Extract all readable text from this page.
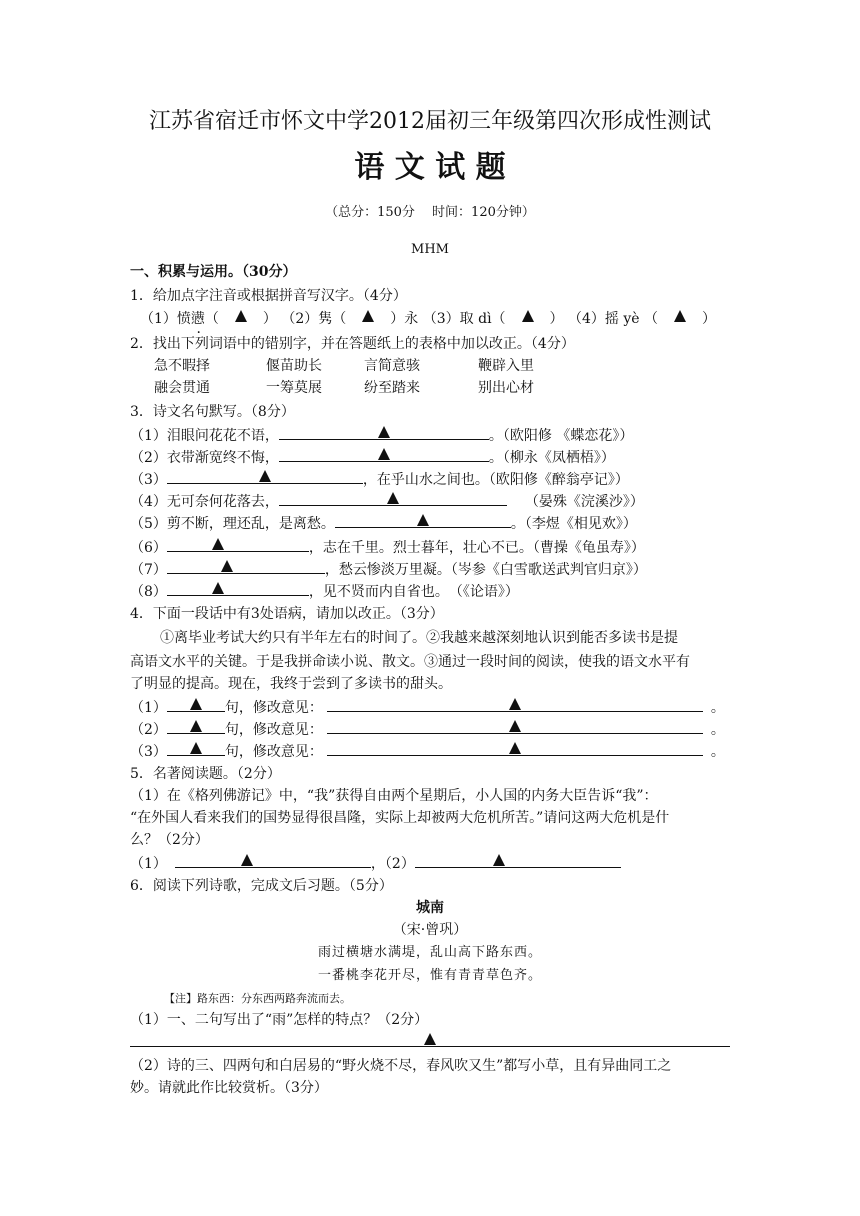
江苏省宿迁市怀文中学2012届初三年级第四次形成性测试
语 文 试 题
（总分：150分　 时间：120分钟）
MHM
一、积累与运用。（30分）
1．给加点字注音或根据拼音写汉字。（4分）
（1）愤懑（	） （2）隽（	）永 （3）取 dì（	） （4）摇 yè （	）
2．找出下列词语中的错别字，并在答题纸上的表格中加以改正。（4分）
急不暇择	偃苗助长	言简意骇	鞭辟入里
融会贯通	一筹莫展	纷至踏来	别出心材
3．诗文名句默写。（8分）
（1）泪眼问花花不语，	。（欧阳修 《蝶恋花》）
（2）衣带渐宽终不悔，	。（柳永《凤栖梧》）
（3）	，在乎山水之间也。（欧阳修《醉翁亭记》）
（4）无可奈何花落去，	（晏殊《浣溪沙》）
（5）剪不断，理还乱，是离愁。	。（李煜《相见欢》）
（6）	，志在千里。烈士暮年，壮心不已。（曹操《龟虽寿》）
（7）	，愁云惨淡万里凝。（岑参《白雪歌送武判官归京》）
（8）	，见不贤而内自省也。　（《论语》）
4．下面一段话中有3处语病，请加以改正。（3分）
①离毕业考试大约只有半年左右的时间了。②我越来越深刻地认识到能否多读书是提
高语文水平的关键。于是我拼命读小说、散文。③通过一段时间的阅读，使我的语文水平有
了明显的提高。现在，我终于尝到了多读书的甜头。
（1）	句，修改意见：	。
（2）	句，修改意见：	。
（3）	句，修改意见：	。
5．名著阅读题。（2分）
（1）在《格列佛游记》中，“我”获得自由两个星期后，小人国的内务大臣告诉“我”：
“在外国人看来我们的国势显得很昌隆，实际上却被两大危机所苦。”请问这两大危机是什
么？（2分）
（1）	，（2）
6．阅读下列诗歌，完成文后习题。（5分）
城南
（宋·曾巩）
雨过横塘水满堤，乱山高下路东西。
一番桃李花开尽，惟有青青草色齐。
【注】路东西：分东西两路奔流而去。
（1）一、二句写出了“雨”怎样的特点？（2分）
（2）诗的三、四两句和白居易的“野火烧不尽，春风吹又生”都写小草，且有异曲同工之
妙。请就此作比较赏析。（3分）
